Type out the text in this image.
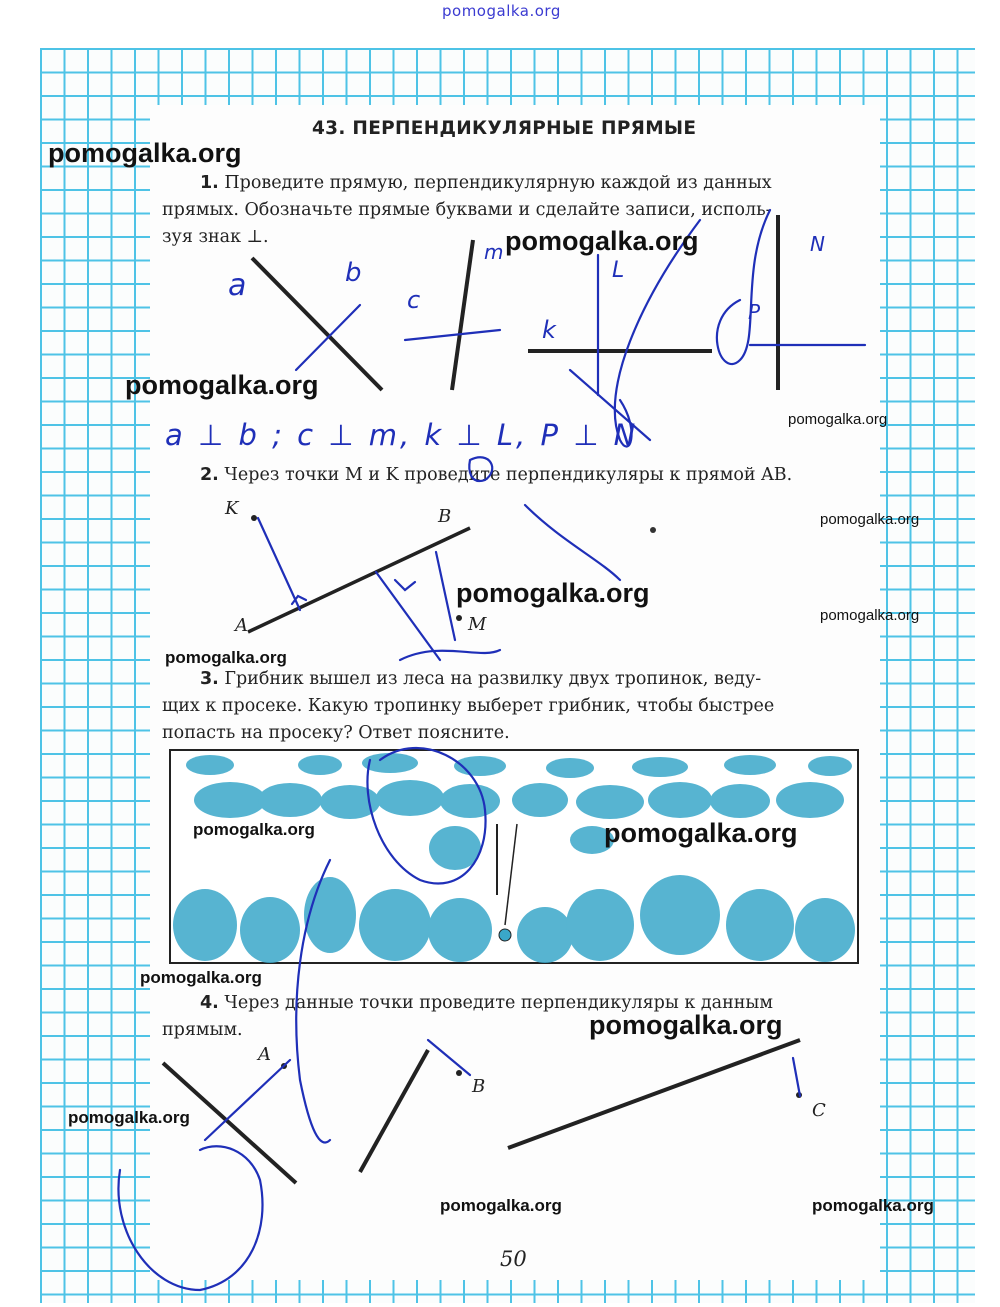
pomogalka.org
43. ПЕРПЕНДИКУЛЯРНЫЕ ПРЯМЫЕ
1. Проведите прямую, перпендикулярную каждой из данных
прямых. Обозначьте прямые буквами и сделайте записи, исполь-
зуя знак ⊥.
2. Через точки M и K проведите перпендикуляры к прямой AB.
3. Грибник вышел из леса на развилку двух тропинок, веду-
щих к просеке. Какую тропинку выберет грибник, чтобы быстрее
попасть на просеку? Ответ поясните.
4. Через данные точки проведите перпендикуляры к данным
прямым.
K	B
A	M
A
B
C
a	b
c
m
k
L
P
N
a ⊥ b ; c ⊥ m, k ⊥ L, P ⊥ N
pomogalka.org
pomogalka.org
pomogalka.org
pomogalka.org
pomogalka.org
pomogalka.org
pomogalka.org
pomogalka.org
pomogalka.org	pomogalka.org
pomogalka.org
pomogalka.org
pomogalka.org
pomogalka.org	pomogalka.org
50
